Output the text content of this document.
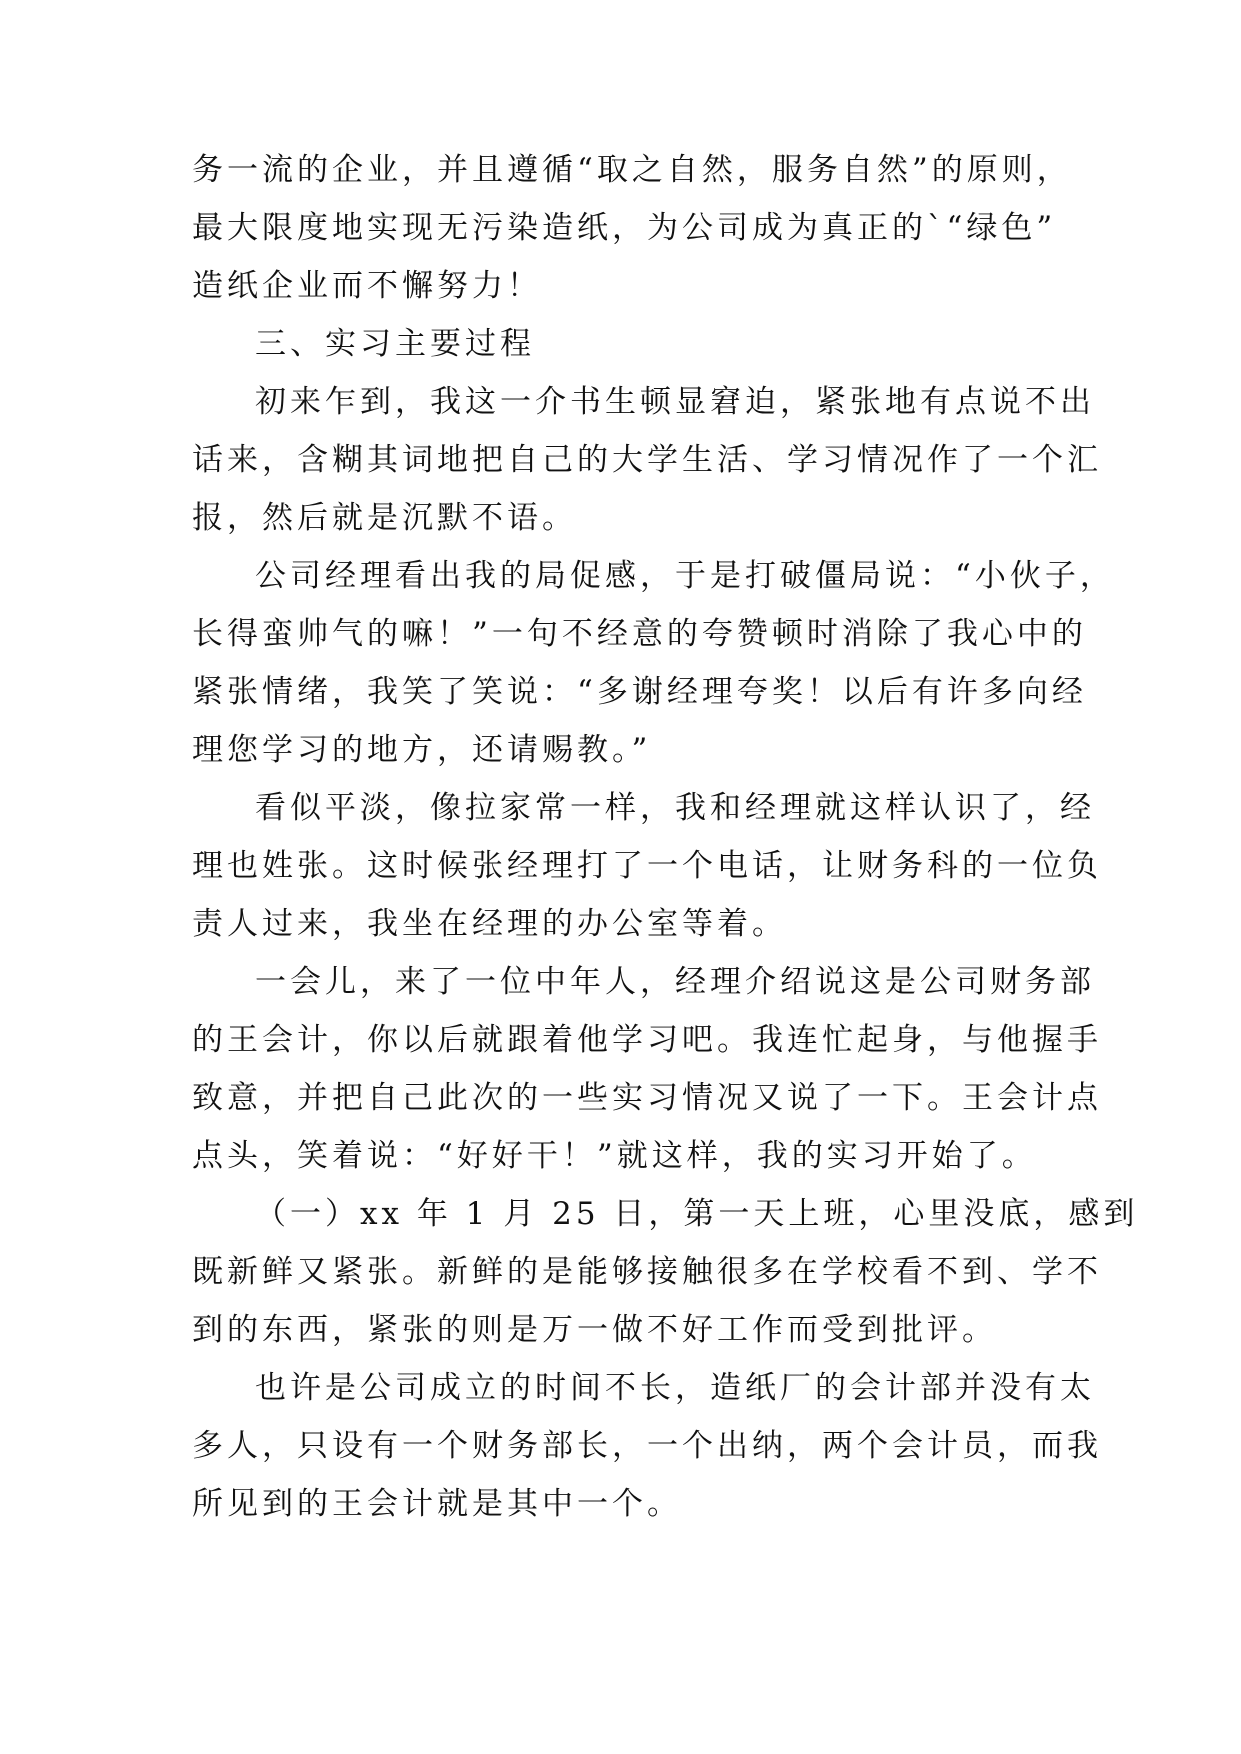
务一流的企业，并且遵循“取之自然，服务自然”的原则，

最大限度地实现无污染造纸，为公司成为真正的`“绿色”

造纸企业而不懈努力！

三、实习主要过程

初来乍到，我这一介书生顿显窘迫，紧张地有点说不出

话来，含糊其词地把自己的大学生活、学习情况作了一个汇

报，然后就是沉默不语。

公司经理看出我的局促感，于是打破僵局说：“小伙子，

长得蛮帅气的嘛！”一句不经意的夸赞顿时消除了我心中的

紧张情绪，我笑了笑说：“多谢经理夸奖！以后有许多向经

理您学习的地方，还请赐教。”

看似平淡，像拉家常一样，我和经理就这样认识了，经

理也姓张。这时候张经理打了一个电话，让财务科的一位负

责人过来，我坐在经理的办公室等着。

一会儿，来了一位中年人，经理介绍说这是公司财务部

的王会计，你以后就跟着他学习吧。我连忙起身，与他握手

致意，并把自己此次的一些实习情况又说了一下。王会计点

点头，笑着说：“好好干！”就这样，我的实习开始了。

（一）xx 年 1 月 25 日，第一天上班，心里没底，感到

既新鲜又紧张。新鲜的是能够接触很多在学校看不到、学不

到的东西，紧张的则是万一做不好工作而受到批评。

也许是公司成立的时间不长，造纸厂的会计部并没有太

多人，只设有一个财务部长，一个出纳，两个会计员，而我

所见到的王会计就是其中一个。
